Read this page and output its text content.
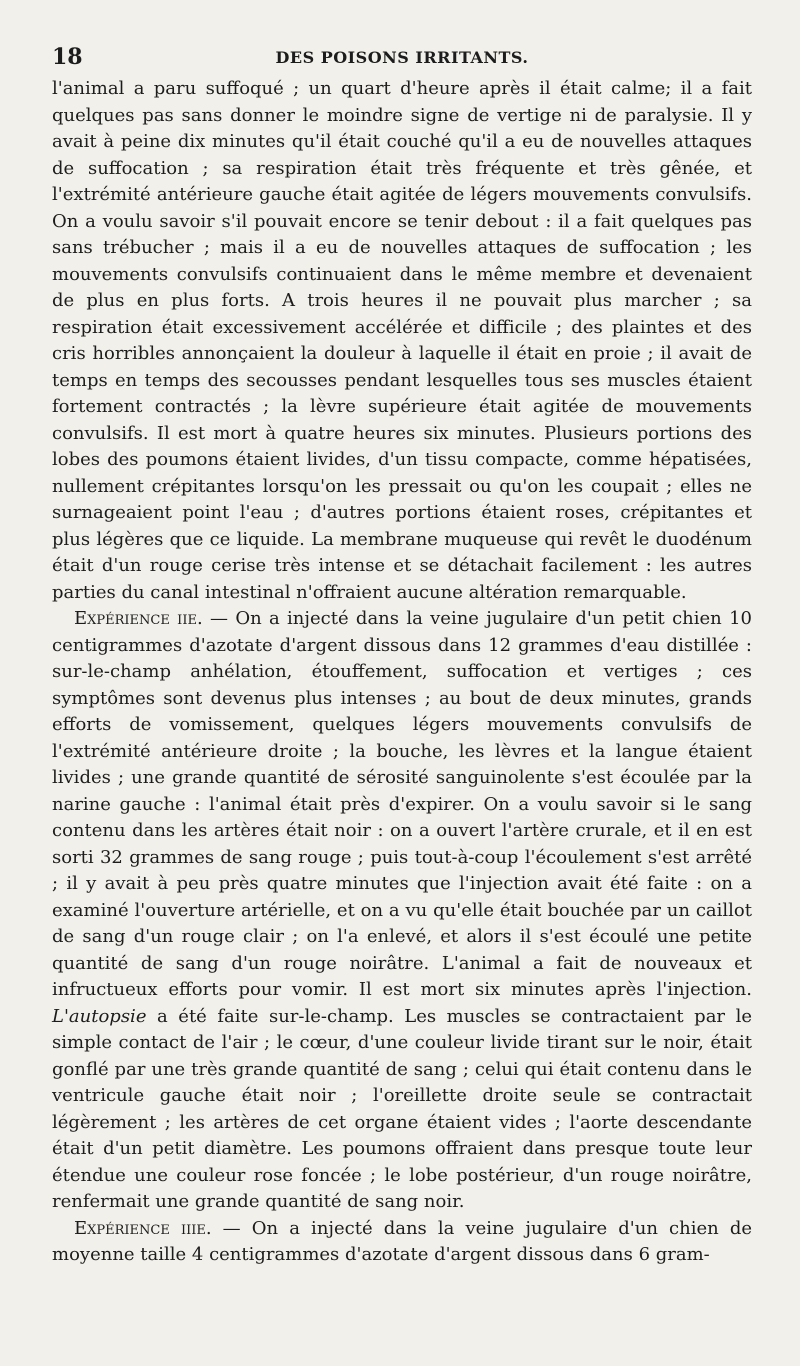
18	DES POISONS IRRITANTS.

l'animal a paru suffoqué ; un quart d'heure après il était calme; il a fait quelques pas sans donner le moindre signe de vertige ni de paralysie. Il y avait à peine dix minutes qu'il était couché qu'il a eu de nouvelles attaques de suffocation ; sa respiration était très fréquente et très gênée, et l'extrémité antérieure gauche était agitée de légers mouvements convulsifs. On a voulu savoir s'il pouvait encore se tenir debout : il a fait quelques pas sans trébucher ; mais il a eu de nouvelles attaques de suffocation ; les mouvements convulsifs continuaient dans le même membre et devenaient de plus en plus forts. A trois heures il ne pouvait plus marcher ; sa respiration était excessivement accélérée et difficile ; des plaintes et des cris horribles annonçaient la douleur à laquelle il était en proie ; il avait de temps en temps des secousses pendant lesquelles tous ses muscles étaient fortement contractés ; la lèvre supérieure était agitée de mouvements convulsifs. Il est mort à quatre heures six minutes. Plusieurs portions des lobes des poumons étaient livides, d'un tissu compacte, comme hépatisées, nullement crépitantes lorsqu'on les pressait ou qu'on les coupait ; elles ne surnageaient point l'eau ; d'autres portions étaient roses, crépitantes et plus légères que ce liquide. La membrane muqueuse qui revêt le duodénum était d'un rouge cerise très intense et se détachait facilement : les autres parties du canal intestinal n'offraient aucune altération remarquable.

Expérience iie. — On a injecté dans la veine jugulaire d'un petit chien 10 centigrammes d'azotate d'argent dissous dans 12 grammes d'eau distillée : sur-le-champ anhélation, étouffement, suffocation et vertiges ; ces symptômes sont devenus plus intenses ; au bout de deux minutes, grands efforts de vomissement, quelques légers mouvements convulsifs de l'extrémité antérieure droite ; la bouche, les lèvres et la langue étaient livides ; une grande quantité de sérosité sanguinolente s'est écoulée par la narine gauche : l'animal était près d'expirer. On a voulu savoir si le sang contenu dans les artères était noir : on a ouvert l'artère crurale, et il en est sorti 32 grammes de sang rouge ; puis tout-à-coup l'écoulement s'est arrêté ; il y avait à peu près quatre minutes que l'injection avait été faite : on a examiné l'ouverture artérielle, et on a vu qu'elle était bouchée par un caillot de sang d'un rouge clair ; on l'a enlevé, et alors il s'est écoulé une petite quantité de sang d'un rouge noirâtre. L'animal a fait de nouveaux et infructueux efforts pour vomir. Il est mort six minutes après l'injection. L'autopsie a été faite sur-le-champ. Les muscles se contractaient par le simple contact de l'air ; le cœur, d'une couleur livide tirant sur le noir, était gonflé par une très grande quantité de sang ; celui qui était contenu dans le ventricule gauche était noir ; l'oreillette droite seule se contractait légèrement ; les artères de cet organe étaient vides ; l'aorte descendante était d'un petit diamètre. Les poumons offraient dans presque toute leur étendue une couleur rose foncée ; le lobe postérieur, d'un rouge noirâtre, renfermait une grande quantité de sang noir.

Expérience iiie. — On a injecté dans la veine jugulaire d'un chien de moyenne taille 4 centigrammes d'azotate d'argent dissous dans 6 gram-
